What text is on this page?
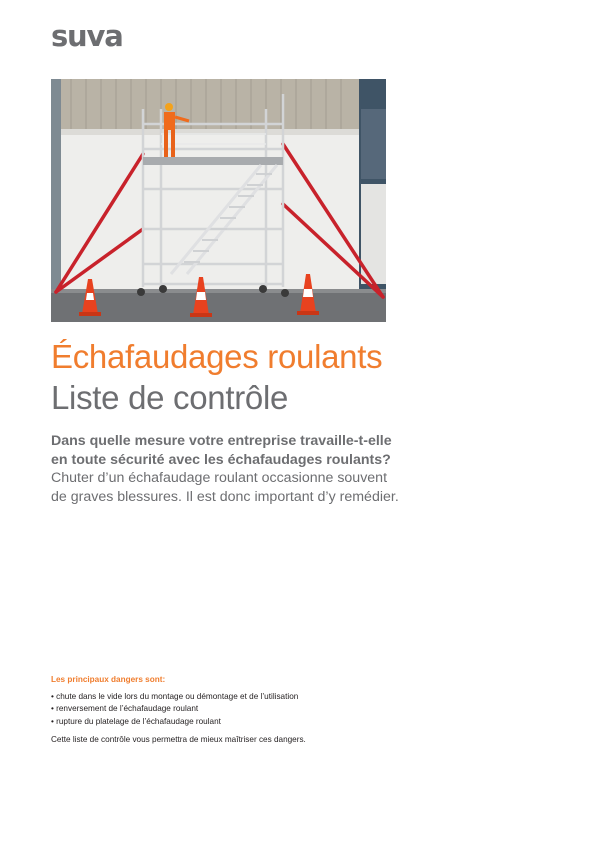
suva
Échafaudages roulants
Liste de contrôle
Dans quelle mesure votre entreprise travaille-t-elle
en toute sécurité avec les échafaudages roulants?
Chuter d’un échafaudage roulant occasionne souvent
de graves blessures. Il est donc important d’y remédier.
Les principaux dangers sont:
• chute dans le vide lors du montage ou démontage et de l’utilisation
• renversement de l’échafaudage roulant
• rupture du platelage de l’échafaudage roulant
Cette liste de contrôle vous permettra de mieux maîtriser ces dangers.
